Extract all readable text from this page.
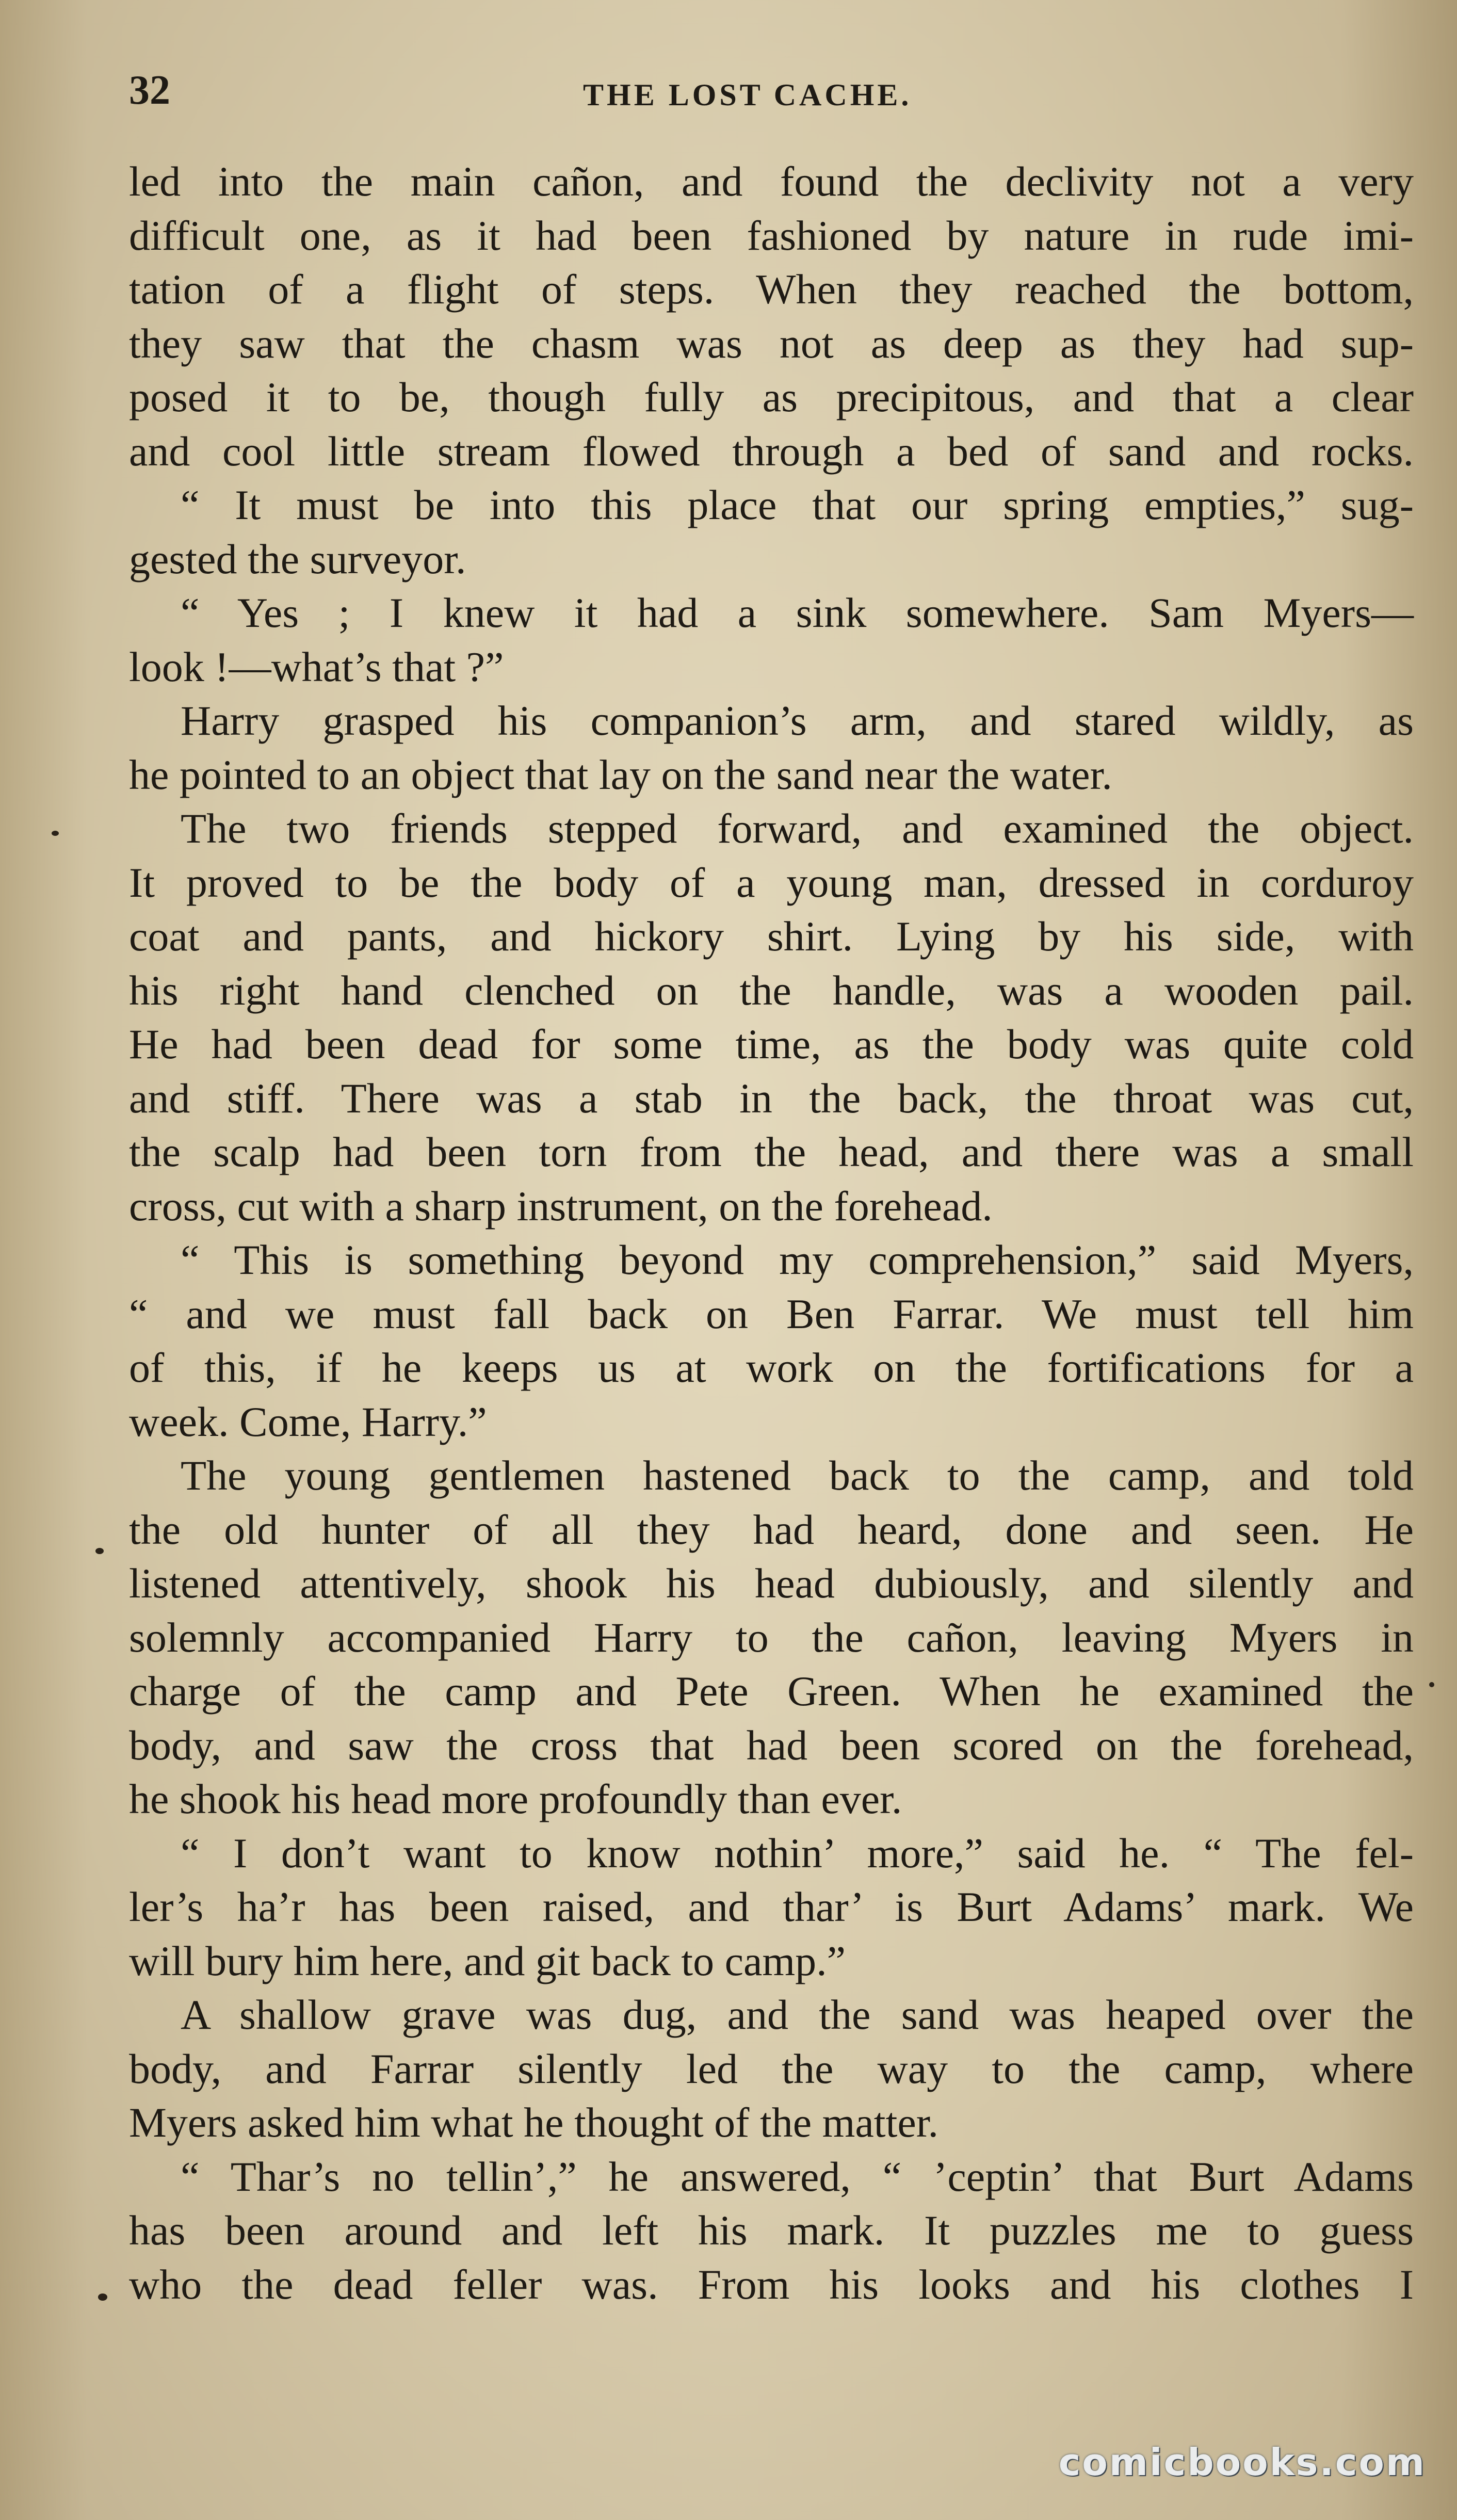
32	THE LOST CACHE.
led into the main cañon, and found the declivity not a very
difficult one, as it had been fashioned by nature in rude imi-
tation of a flight of steps. When they reached the bottom,
they saw that the chasm was not as deep as they had sup-
posed it to be, though fully as precipitous, and that a clear
and cool little stream flowed through a bed of sand and rocks.
“ It must be into this place that our spring empties,” sug-
gested the surveyor.
“ Yes ; I knew it had a sink somewhere. Sam Myers—
look !—what’s that ?”
Harry grasped his companion’s arm, and stared wildly, as
he pointed to an object that lay on the sand near the water.
The two friends stepped forward, and examined the object.
It proved to be the body of a young man, dressed in corduroy
coat and pants, and hickory shirt. Lying by his side, with
his right hand clenched on the handle, was a wooden pail.
He had been dead for some time, as the body was quite cold
and stiff. There was a stab in the back, the throat was cut,
the scalp had been torn from the head, and there was a small
cross, cut with a sharp instrument, on the forehead.
“ This is something beyond my comprehension,” said Myers,
“ and we must fall back on Ben Farrar. We must tell him
of this, if he keeps us at work on the fortifications for a
week. Come, Harry.”
The young gentlemen hastened back to the camp, and told
the old hunter of all they had heard, done and seen. He
listened attentively, shook his head dubiously, and silently and
solemnly accompanied Harry to the cañon, leaving Myers in
charge of the camp and Pete Green. When he examined the
body, and saw the cross that had been scored on the forehead,
he shook his head more profoundly than ever.
“ I don’t want to know nothin’ more,” said he. “ The fel-
ler’s ha’r has been raised, and thar’ is Burt Adams’ mark. We
will bury him here, and git back to camp.”
A shallow grave was dug, and the sand was heaped over the
body, and Farrar silently led the way to the camp, where
Myers asked him what he thought of the matter.
“ Thar’s no tellin’,” he answered, “ ’ceptin’ that Burt Adams
has been around and left his mark. It puzzles me to guess
who the dead feller was. From his looks and his clothes I
comicbooks.com
